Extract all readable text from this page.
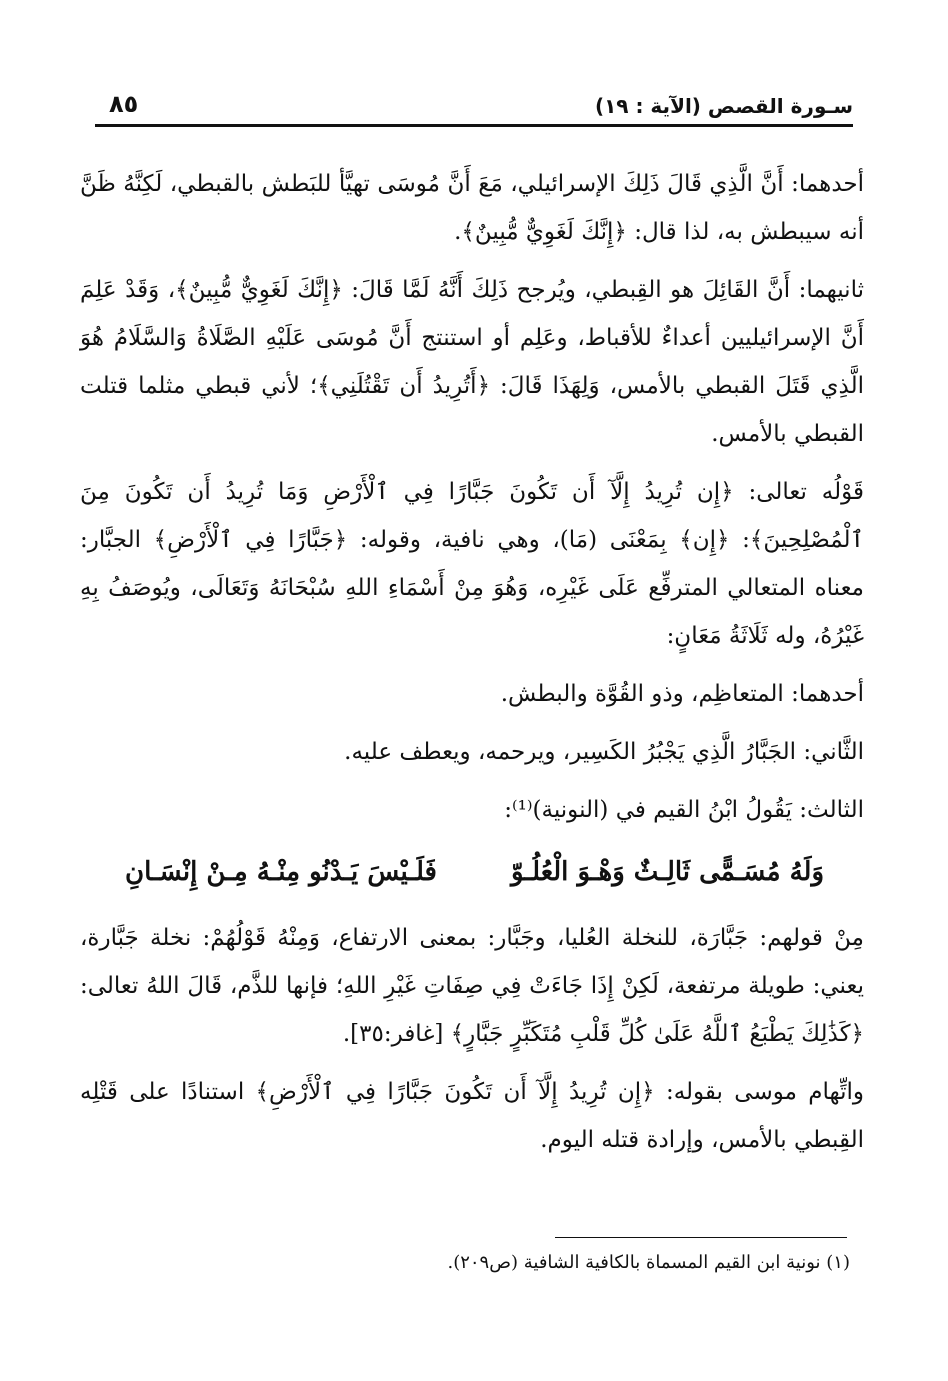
سـورة القصص (الآية : ١٩)
٨٥

أحدهما: أَنَّ الَّذِي قَالَ ذَلِكَ الإسرائيلي، مَعَ أَنَّ مُوسَى تهيَّأ للبَطش بالقبطي، لَكِنَّهُ ظَنَّ أنه سيبطش به، لذا قال: ﴿إِنَّكَ لَغَوِيٌّ مُّبِينٌ﴾.

ثانيهما: أَنَّ القَائِلَ هو القِبطي، ويُرجح ذَلِكَ أَنَّهُ لَمَّا قَالَ: ﴿إِنَّكَ لَغَوِيٌّ مُّبِينٌ﴾، وَقَدْ عَلِمَ أَنَّ الإسرائيليين أعداءٌ للأقباط، وعَلِم أو استنتج أَنَّ مُوسَى عَلَيْهِ الصَّلَاةُ وَالسَّلَامُ هُوَ الَّذِي قَتَلَ القبطي بالأمس، وَلِهَذَا قَالَ: ﴿أَتُرِيدُ أَن تَقْتُلَنِي﴾؛ لأني قبطي مثلما قتلت القبطي بالأمس.

قَوْلُه تعالى: ﴿إِن تُرِيدُ إِلَّآ أَن تَكُونَ جَبَّارًا فِي ٱلْأَرْضِ وَمَا تُرِيدُ أَن تَكُونَ مِنَ ٱلْمُصْلِحِينَ﴾: ﴿إِن﴾ بِمَعْنَى (مَا)، وهي نافية، وقوله: ﴿جَبَّارًا فِي ٱلْأَرْضِ﴾ الجبَّار: معناه المتعالي المترفِّع عَلَى غَيْرِه، وَهُوَ مِنْ أَسْمَاءِ اللهِ سُبْحَانَهُ وَتَعَالَى، ويُوصَفُ بِهِ غَيْرُهُ، وله ثَلَاثَةُ مَعَانٍ:

أحدهما: المتعاظِم، وذو القُوَّة والبطش.

الثَّاني: الجَبَّارُ الَّذِي يَجْبُرُ الكَسِير، ويرحمه، ويعطف عليه.

الثالث: يَقُولُ ابْنُ القيم في (النونية)⁽¹⁾:

وَلَهُ مُسَـمًّى ثَالِـثٌ وَهْـوَ الْعُلُـوّ
فَلَـيْسَ يَـدْنُو مِنْـهُ مِـنْ إِنْسَـانِ

مِنْ قولهم: جَبَّارَة، للنخلة العُليا، وجَبَّار: بمعنى الارتفاع، وَمِنْهُ قَوْلُهُمْ: نخلة جَبَّارة، يعني: طويلة مرتفعة، لَكِنْ إِذَا جَاءَتْ فِي صِفَاتِ غَيْرِ اللهِ؛ فإنها للذَّم، قَالَ اللهُ تعالى: ﴿كَذَٰلِكَ يَطْبَعُ ٱللَّهُ عَلَىٰ كُلِّ قَلْبِ مُتَكَبِّرٍ جَبَّارٍ﴾ [غافر:٣٥].

واتِّهام موسى بقوله: ﴿إِن تُرِيدُ إِلَّآ أَن تَكُونَ جَبَّارًا فِي ٱلْأَرْضِ﴾ استنادًا على قَتْلِه القِبطي بالأمس، وإرادة قتله اليوم.

(١) نونية ابن القيم المسماة بالكافية الشافية (ص٢٠٩).
